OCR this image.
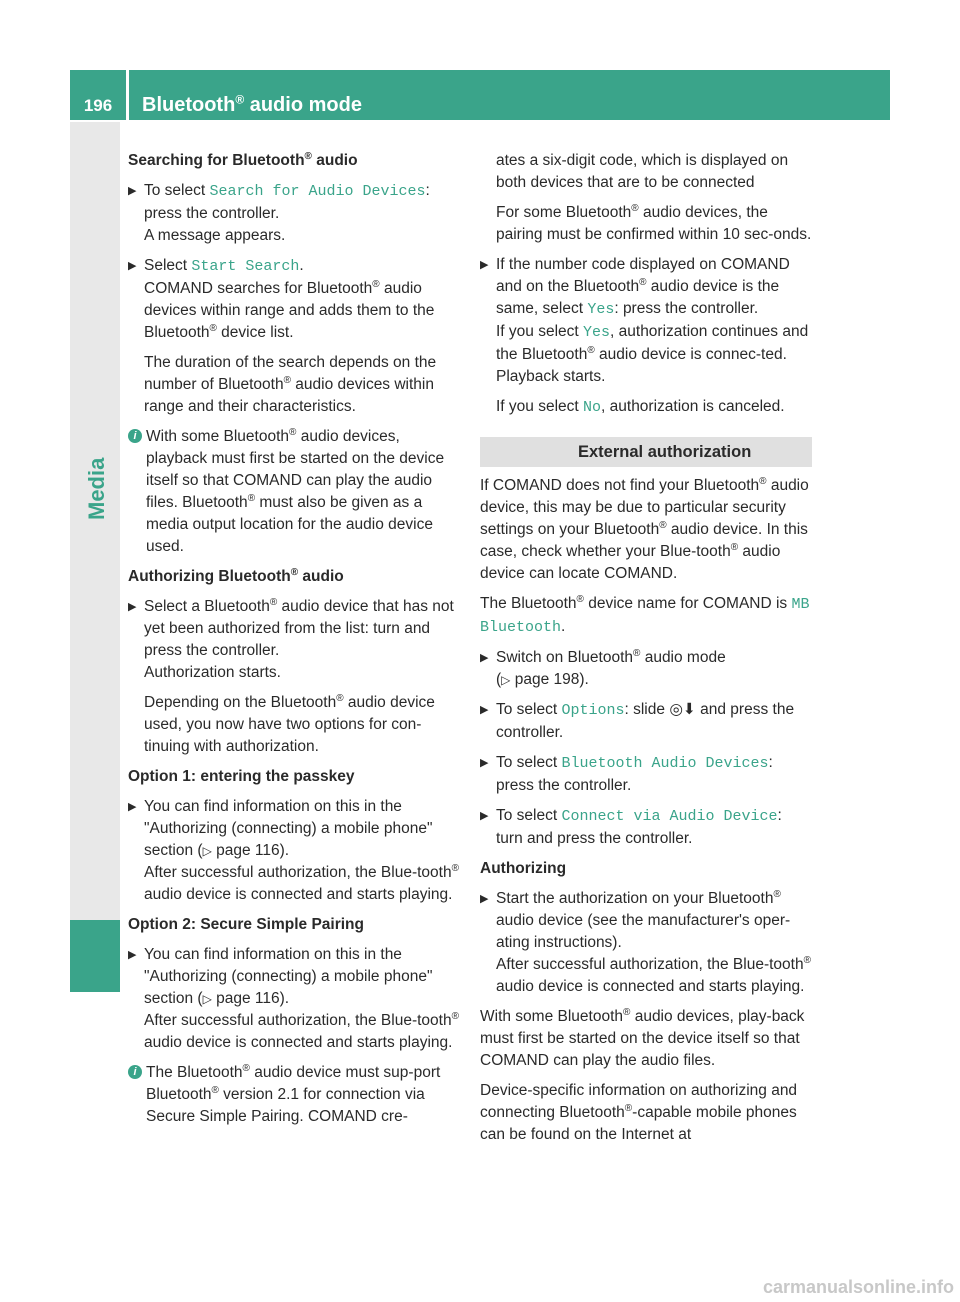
196	Bluetooth® audio mode
Media

Searching for Bluetooth® audio

▶ To select Search for Audio Devices:
press the controller.
A message appears.
▶ Select Start Search.
COMAND searches for Bluetooth® audio devices within range and adds them to the Bluetooth® device list.

The duration of the search depends on the number of Bluetooth® audio devices within range and their characteristics.

i With some Bluetooth® audio devices, playback must first be started on the device itself so that COMAND can play the audio files. Bluetooth® must also be given as a media output location for the audio device used.

Authorizing Bluetooth® audio

▶ Select a Bluetooth® audio device that has not yet been authorized from the list: turn and press the controller.
Authorization starts.

Depending on the Bluetooth® audio device used, you now have two options for con-tinuing with authorization.

Option 1: entering the passkey

▶ You can find information on this in the "Authorizing (connecting) a mobile phone" section (▷ page 116).
After successful authorization, the Blue-tooth® audio device is connected and starts playing.

Option 2: Secure Simple Pairing

▶ You can find information on this in the "Authorizing (connecting) a mobile phone" section (▷ page 116).
After successful authorization, the Blue-tooth® audio device is connected and starts playing.
i The Bluetooth® audio device must sup-port Bluetooth® version 2.1 for connection via Secure Simple Pairing. COMAND cre-

ates a six-digit code, which is displayed on both devices that are to be connected

For some Bluetooth® audio devices, the pairing must be confirmed within 10 sec-onds.

▶ If the number code displayed on COMAND and on the Bluetooth® audio device is the same, select Yes: press the controller.
If you select Yes, authorization continues and the Bluetooth® audio device is connec-ted. Playback starts.

If you select No, authorization is canceled.

External authorization

If COMAND does not find your Bluetooth® audio device, this may be due to particular security settings on your Bluetooth® audio device. In this case, check whether your Blue-tooth® audio device can locate COMAND.

The Bluetooth® device name for COMAND is MB Bluetooth.

▶ Switch on Bluetooth® audio mode
(▷ page 198).
▶ To select Options: slide ◎⬇ and press the controller.
▶ To select Bluetooth Audio Devices:
press the controller.
▶ To select Connect via Audio Device:
turn and press the controller.

Authorizing

▶ Start the authorization on your Bluetooth® audio device (see the manufacturer's oper-ating instructions).
After successful authorization, the Blue-tooth® audio device is connected and starts playing.

With some Bluetooth® audio devices, play-back must first be started on the device itself so that COMAND can play the audio files.

Device-specific information on authorizing and connecting Bluetooth®-capable mobile phones can be found on the Internet at

carmanualsonline.info
